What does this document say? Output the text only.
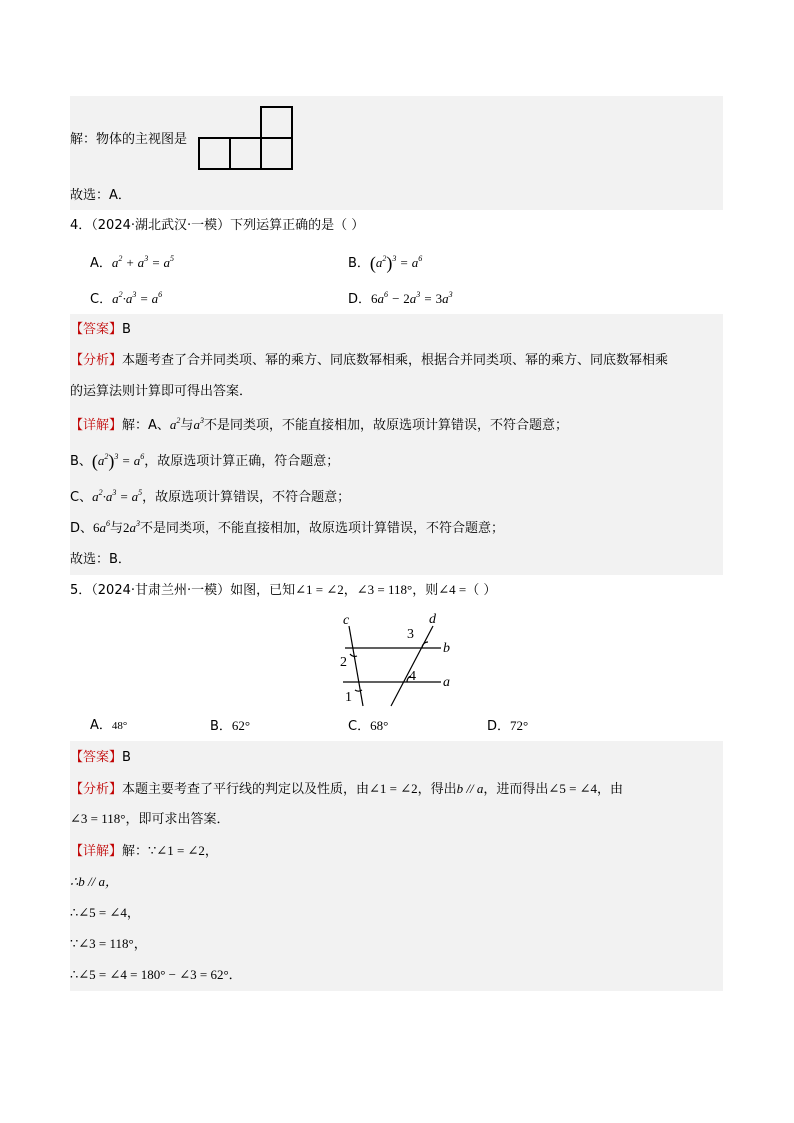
解：物体的主视图是
故选：A．
4．（2024·湖北武汉·一模）下列运算正确的是（ ）
A．$a^2 + a^3 = a^5$	B．$(a^2)^3 = a^6$
C．$a^2\cdot a^3 = a^6$	D．$6a^6 - 2a^3 = 3a^3$
【答案】B
【分析】本题考查了合并同类项、幂的乘方、同底数幂相乘，根据合并同类项、幂的乘方、同底数幂相乘
的运算法则计算即可得出答案．
【详解】解：A、$a^2$与$a^3$不是同类项，不能直接相加，故原选项计算错误，不符合题意；
B、$(a^2)^3 = a^6$，故原选项计算正确，符合题意；
C、$a^2\cdot a^3 = a^5$，故原选项计算错误，不符合题意；
D、$6a^6$与$2a^3$不是同类项，不能直接相加，故原选项计算错误，不符合题意；
故选：B．
5．（2024·甘肃兰州·一模）如图，已知∠1 = ∠2，∠3 = 118°，则∠4 =（ ）
c	d
b
a
2
1
3
4
A．48°	B．62°	C．68°	D．72°
【答案】B
【分析】本题主要考查了平行线的判定以及性质，由∠1 = ∠2，得出b // a，进而得出∠5 = ∠4，由
∠3 = 118°，即可求出答案．
【详解】解：∵∠1 = ∠2，
∴b // a，
∴∠5 = ∠4，
∵∠3 = 118°，
∴∠5 = ∠4 = 180° − ∠3 = 62°．
